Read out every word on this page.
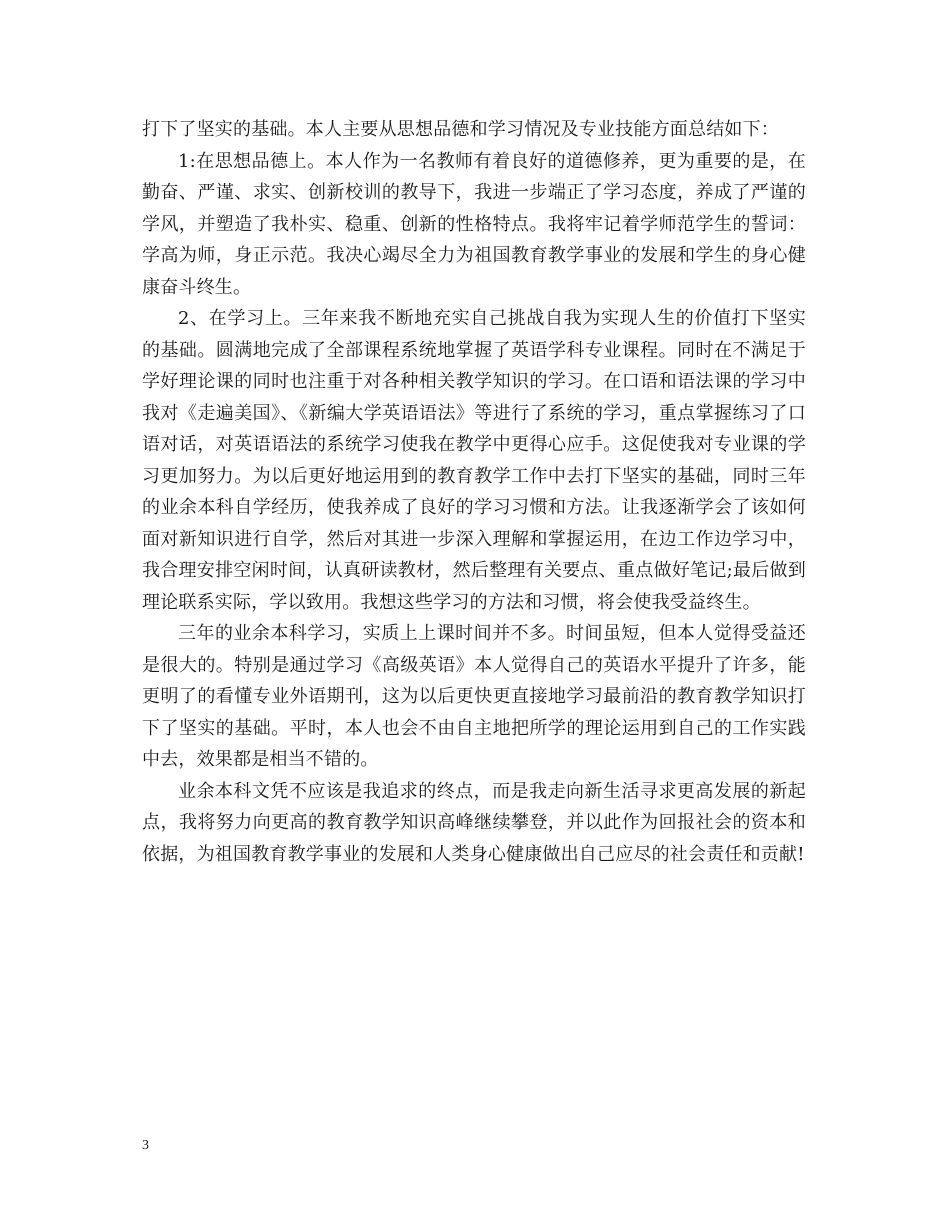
打下了坚实的基础。本人主要从思想品德和学习情况及专业技能方面总结如下：

1:在思想品德上。本人作为一名教师有着良好的道德修养，更为重要的是，在勤奋、严谨、求实、创新校训的教导下，我进一步端正了学习态度，养成了严谨的学风，并塑造了我朴实、稳重、创新的性格特点。我将牢记着学师范学生的誓词：学高为师，身正示范。我决心竭尽全力为祖国教育教学事业的发展和学生的身心健康奋斗终生。

2、在学习上。三年来我不断地充实自己挑战自我为实现人生的价值打下坚实的基础。圆满地完成了全部课程系统地掌握了英语学科专业课程。同时在不满足于学好理论课的同时也注重于对各种相关教学知识的学习。在口语和语法课的学习中我对《走遍美国》、《新编大学英语语法》等进行了系统的学习，重点掌握练习了口语对话，对英语语法的系统学习使我在教学中更得心应手。这促使我对专业课的学习更加努力。为以后更好地运用到的教育教学工作中去打下坚实的基础，同时三年的业余本科自学经历，使我养成了良好的学习习惯和方法。让我逐渐学会了该如何面对新知识进行自学，然后对其进一步深入理解和掌握运用，在边工作边学习中，我合理安排空闲时间，认真研读教材，然后整理有关要点、重点做好笔记;最后做到理论联系实际，学以致用。我想这些学习的方法和习惯，将会使我受益终生。

三年的业余本科学习，实质上上课时间并不多。时间虽短，但本人觉得受益还是很大的。特别是通过学习《高级英语》本人觉得自己的英语水平提升了许多，能更明了的看懂专业外语期刊，这为以后更快更直接地学习最前沿的教育教学知识打下了坚实的基础。平时，本人也会不由自主地把所学的理论运用到自己的工作实践中去，效果都是相当不错的。

业余本科文凭不应该是我追求的终点，而是我走向新生活寻求更高发展的新起点，我将努力向更高的教育教学知识高峰继续攀登，并以此作为回报社会的资本和依据，为祖国教育教学事业的发展和人类身心健康做出自己应尽的社会责任和贡献!

3
